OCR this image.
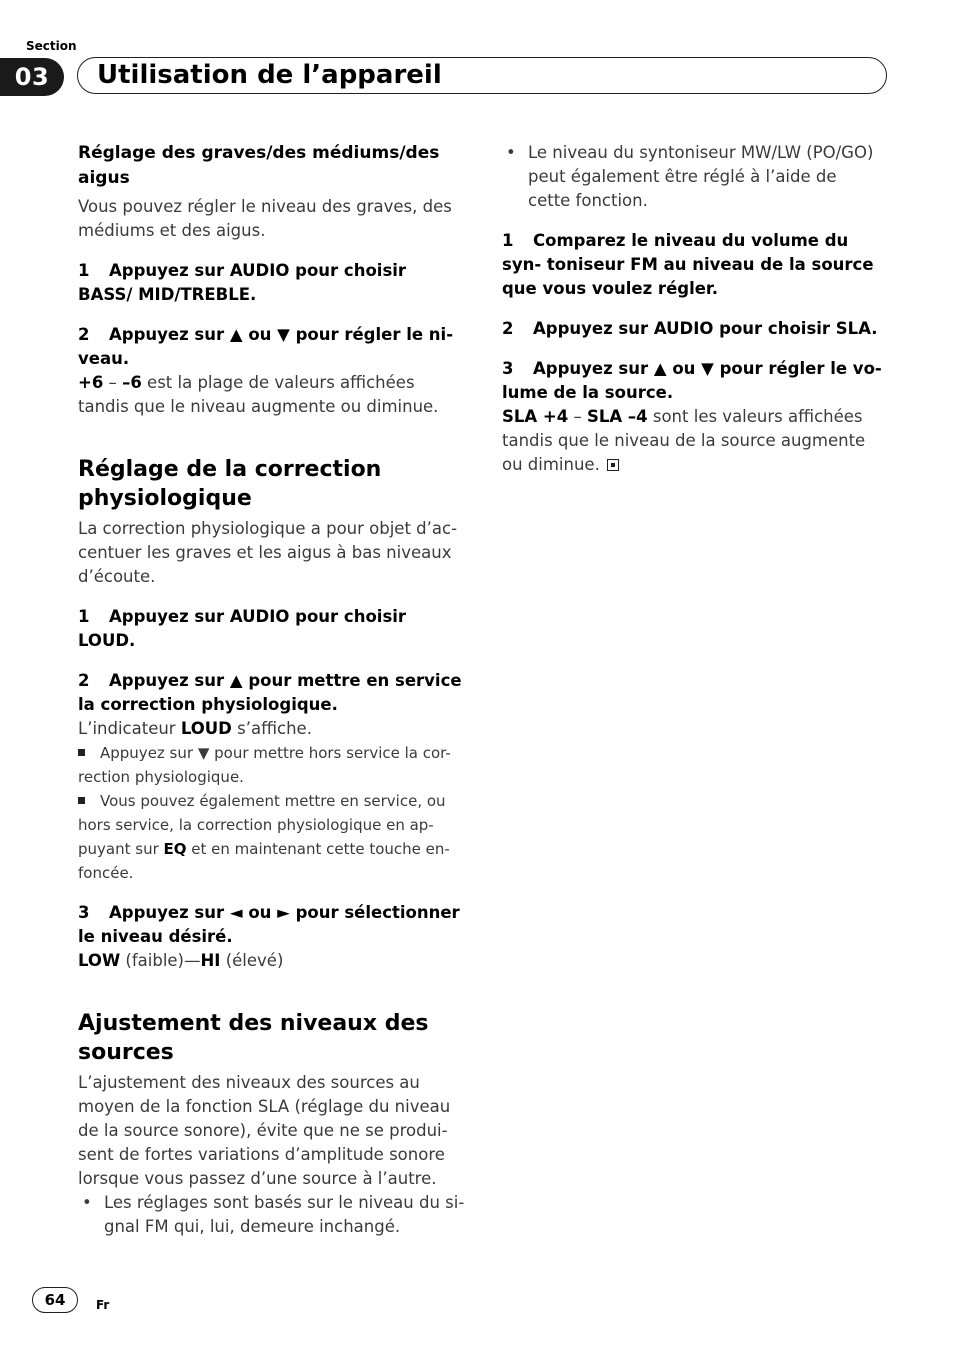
Section
03	Utilisation de l’appareil
Réglage des graves/des médiums/des aigus
Vous pouvez régler le niveau des graves, des médiums et des aigus.
1 Appuyez sur AUDIO pour choisir BASS/ MID/TREBLE.
2 Appuyez sur ▲ ou ▼ pour régler le ni- veau.
+6 – –6 est la plage de valeurs affichées tandis que le niveau augmente ou diminue.
Réglage de la correction physiologique
La correction physiologique a pour objet d’ac- centuer les graves et les aigus à bas niveaux d’écoute.
1 Appuyez sur AUDIO pour choisir LOUD.
2 Appuyez sur ▲ pour mettre en service la correction physiologique.
L’indicateur LOUD s’affiche.
Appuyez sur ▼ pour mettre hors service la cor- rection physiologique.
Vous pouvez également mettre en service, ou hors service, la correction physiologique en ap- puyant sur EQ et en maintenant cette touche en- foncée.
3 Appuyez sur ◄ ou ► pour sélectionner le niveau désiré.
LOW (faible)—HI (élevé)
Ajustement des niveaux des sources
L’ajustement des niveaux des sources au moyen de la fonction SLA (réglage du niveau de la source sonore), évite que ne se produi- sent de fortes variations d’amplitude sonore lorsque vous passez d’une source à l’autre.
• Les réglages sont basés sur le niveau du si- gnal FM qui, lui, demeure inchangé.
• Le niveau du syntoniseur MW/LW (PO/GO) peut également être réglé à l’aide de cette fonction.
1 Comparez le niveau du volume du syn- toniseur FM au niveau de la source que vous voulez régler.
2 Appuyez sur AUDIO pour choisir SLA.
3 Appuyez sur ▲ ou ▼ pour régler le vo- lume de la source.
SLA +4 – SLA –4 sont les valeurs affichées tandis que le niveau de la source augmente ou diminue.
64	Fr
